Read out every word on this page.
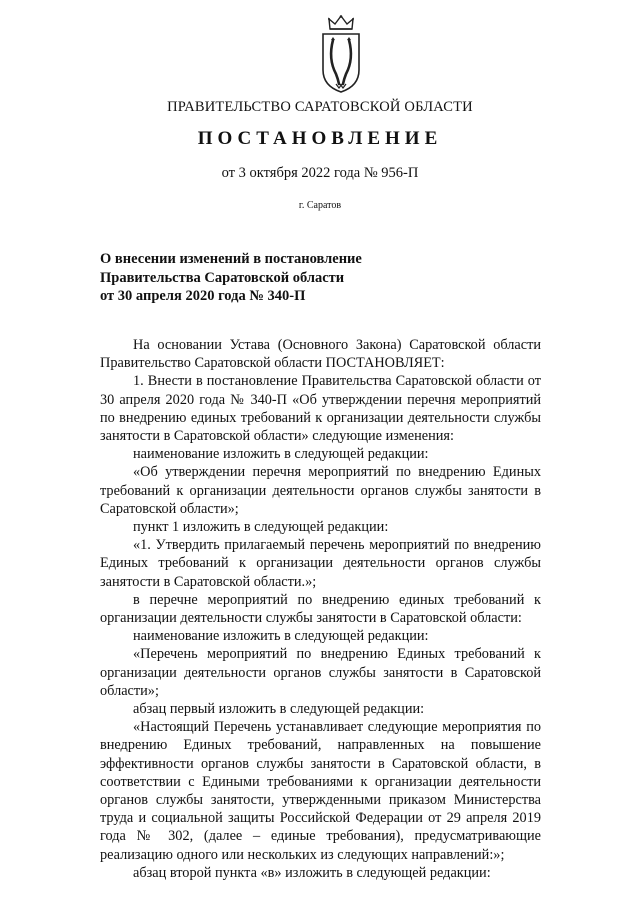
ПРАВИТЕЛЬСТВО САРАТОВСКОЙ ОБЛАСТИ
ПОСТАНОВЛЕНИЕ
от 3 октября 2022 года № 956-П
г. Саратов
О внесении изменений в постановление
Правительства Саратовской области
от 30 апреля 2020 года № 340-П

На основании Устава (Основного Закона) Саратовской области Правительство Саратовской области ПОСТАНОВЛЯЕТ:

1. Внести в постановление Правительства Саратовской области от 30 апреля 2020 года № 340-П «Об утверждении перечня мероприятий по внедрению единых требований к организации деятельности службы занятости в Саратовской области» следующие изменения:

наименование изложить в следующей редакции:

«Об утверждении перечня мероприятий по внедрению Единых требований к организации деятельности органов службы занятости в Саратовской области»;

пункт 1 изложить в следующей редакции:

«1. Утвердить прилагаемый перечень мероприятий по внедрению Единых требований к организации деятельности органов службы занятости в Саратовской области.»;

в перечне мероприятий по внедрению единых требований к организации деятельности службы занятости в Саратовской области:

наименование изложить в следующей редакции:

«Перечень мероприятий по внедрению Единых требований к организации деятельности органов службы занятости в Саратовской области»;

абзац первый изложить в следующей редакции:

«Настоящий Перечень устанавливает следующие мероприятия по внедрению Единых требований, направленных на повышение эффективности органов службы занятости в Саратовской области, в соответствии с Едиными требованиями к организации деятельности органов службы занятости, утвержденными приказом Министерства труда и социальной защиты Российской Федерации от 29 апреля 2019 года № 302, (далее – единые требования), предусматривающие реализацию одного или нескольких из следующих направлений:»;

абзац второй пункта «в» изложить в следующей редакции:
